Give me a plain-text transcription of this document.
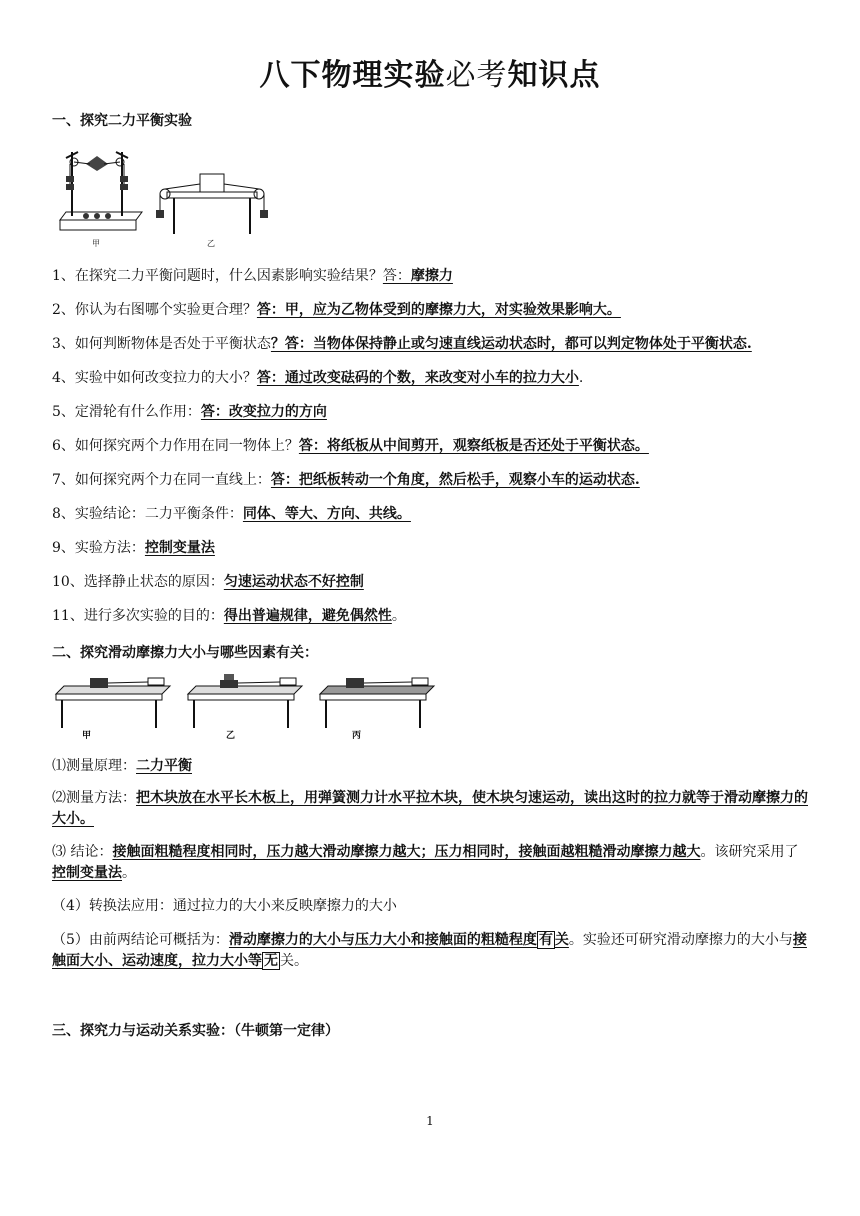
八下物理实验必考知识点
一、探究二力平衡实验
甲	乙
1、在探究二力平衡问题时，什么因素影响实验结果？答：摩擦力
2、你认为右图哪个实验更合理？答：甲，应为乙物体受到的摩擦力大，对实验效果影响大。
3、如何判断物体是否处于平衡状态？答：当物体保持静止或匀速直线运动状态时，都可以判定物体处于平衡状态.
4、实验中如何改变拉力的大小？答：通过改变砝码的个数，来改变对小车的拉力大小.
5、定滑轮有什么作用：答：改变拉力的方向
6、如何探究两个力作用在同一物体上？答：将纸板从中间剪开，观察纸板是否还处于平衡状态。
7、如何探究两个力在同一直线上：答：把纸板转动一个角度，然后松手，观察小车的运动状态.
8、实验结论：二力平衡条件：同体、等大、方向、共线。
9、实验方法：控制变量法
10、选择静止状态的原因：匀速运动状态不好控制
11、进行多次实验的目的：得出普遍规律，避免偶然性。
二、探究滑动摩擦力大小与哪些因素有关：
甲	乙	丙
⑴测量原理：二力平衡
⑵测量方法：把木块放在水平长木板上，用弹簧测力计水平拉木块，使木块匀速运动，读出这时的拉力就等于滑动摩擦力的大小。
⑶ 结论：接触面粗糙程度相同时，压力越大滑动摩擦力越大；压力相同时，接触面越粗糙滑动摩擦力越大。该研究采用了控制变量法。
（4）转换法应用：通过拉力的大小来反映摩擦力的大小
（5）由前两结论可概括为：滑动摩擦力的大小与压力大小和接触面的粗糙程度 有 关。实验还可研究滑动摩擦力的大小与接触面大小、运动速度，拉力大小等 无 关。
三、探究力与运动关系实验：（牛顿第一定律）
1
